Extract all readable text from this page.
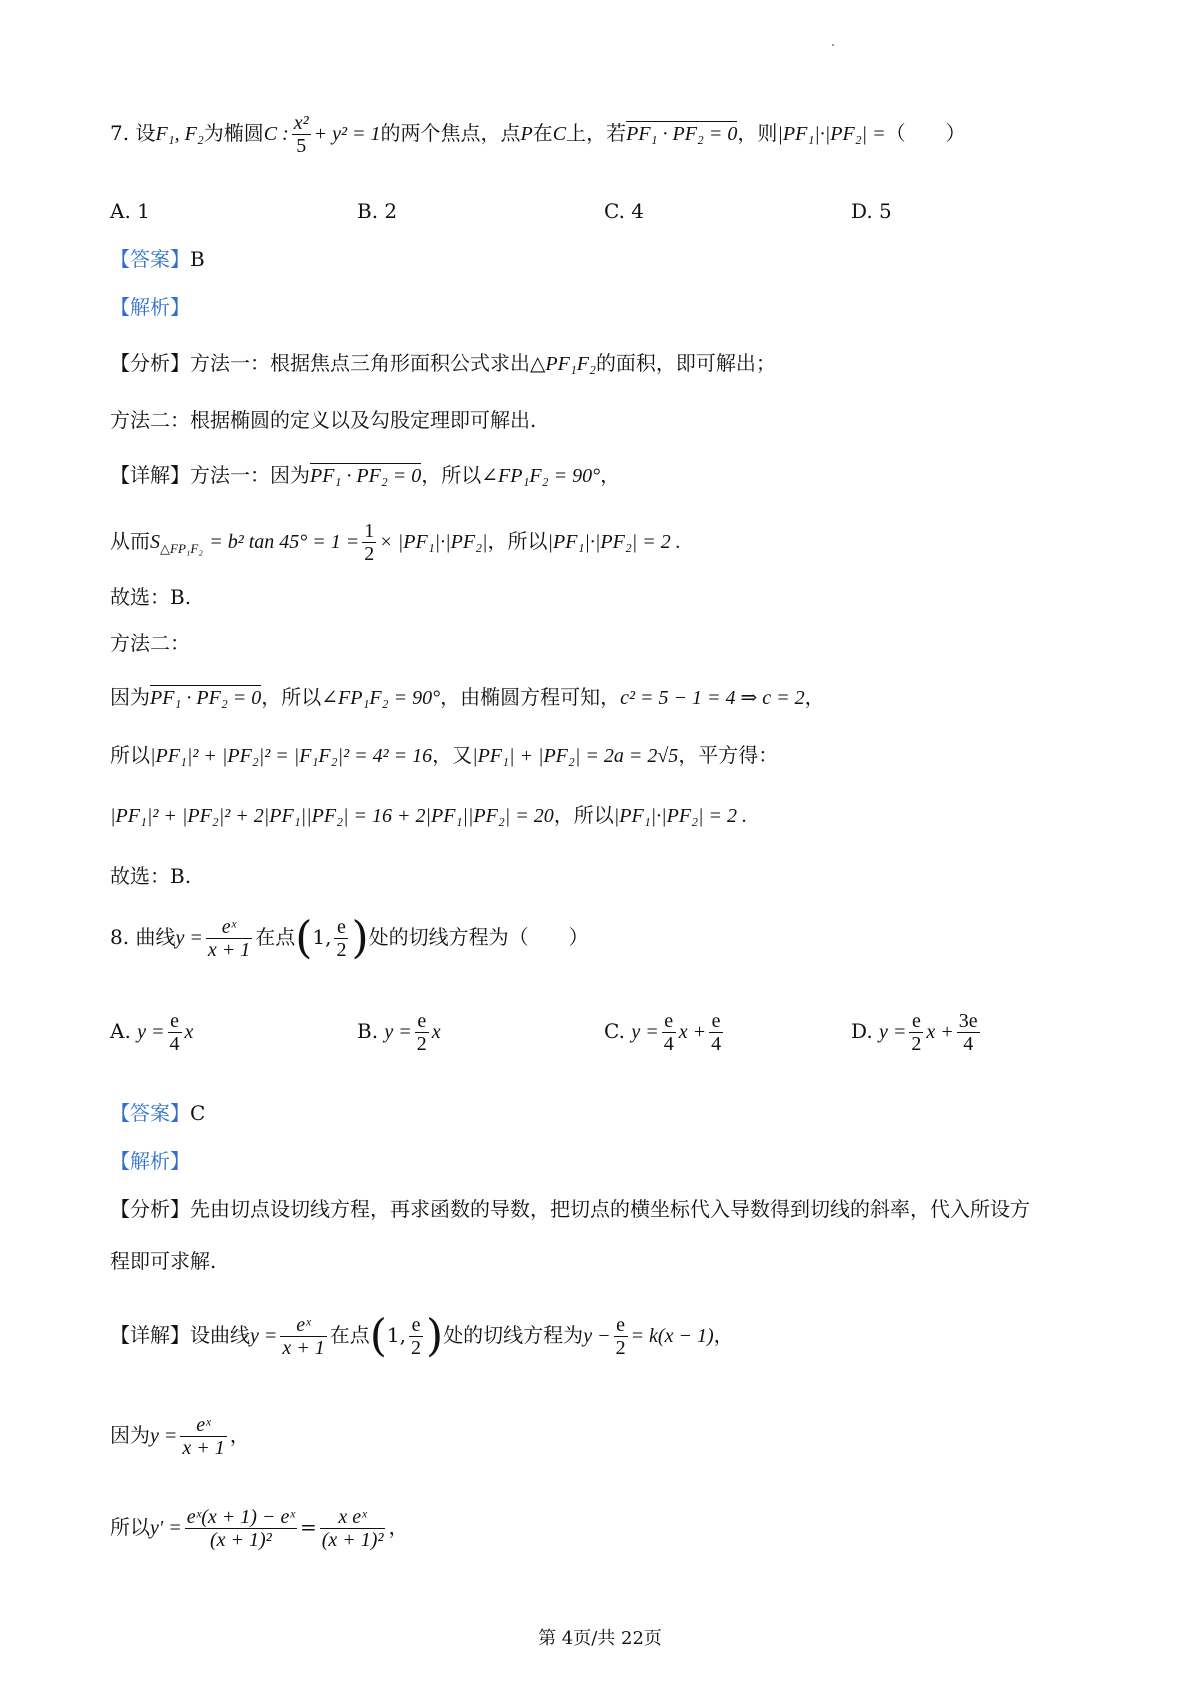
7. 设F₁, F₂为椭圆C : $\frac{\text{x²}}{5} + y^2 = 1$的两个焦点，点P在C上，若PF₁ · PF₂ = 0，则|PF₁|·|PF₂| =（　　）
A. 1	B. 2	C. 4	D. 5
【答案】B
【解析】
【分析】方法一：根据焦点三角形面积公式求出△PF₁F₂的面积，即可解出；
方法二：根据椭圆的定义以及勾股定理即可解出.
【详解】方法一：因为PF₁ · PF₂ = 0，所以∠FP₁F₂ = 90°，
从而$S_{\triangle FP_1F_2} = b^2$ $\tan 45^\circ = 1 = \frac{1}{2} \times |PF_1|\cdot|PF_2|$，所以|PF₁|·|PF₂| = 2 .
故选：B.
方法二：
因为PF₁ · PF₂ = 0，所以∠FP₁F₂ = 90°，由椭圆方程可知，c² = 5 − 1 = 4 ⇒ c = 2，
所以|PF₁|² + |PF₂|² = |F₁F₂|² = 4² = 16，又|PF₁| + |PF₂| = 2a = 2√5，平方得：
|PF₁|² + |PF₂|² + 2|PF₁||PF₂| = 16 + 2|PF₁||PF₂| = 20，所以|PF₁|·|PF₂| = 2 .
故选：B.
8. 曲线$y = \frac{\text{eˣ}}{x + 1}$ 在点(1, $\frac{e}{2}$ )处的切线方程为（　　）
A. $y = \frac{e}{4}$ x	B. $y = \frac{e}{2}$ x	C. $y = \frac{e}{4}$ $x + \frac{e}{4}$	D. $y = \frac{e}{2}$ $x + \frac{3e}{4}$
【答案】C
【解析】
【分析】先由切点设切线方程，再求函数的导数，把切点的横坐标代入导数得到切线的斜率，代入所设方
程即可求解.
【详解】设曲线$y = \frac{\text{eˣ}}{x + 1}$ 在点(1, $\frac{e}{2}$ )处的切线方程为$y - \frac{e}{2} = k(x - 1)$，
因为$y = \frac{\text{eˣ}}{x + 1}$ ，
所以$y' = \frac{\text{eˣ(x + 1) − eˣ}}{\text{(x + 1)²}} = \frac{\text{x eˣ}}{\text{(x + 1)²}}$ ，
第 4页/共 22页
